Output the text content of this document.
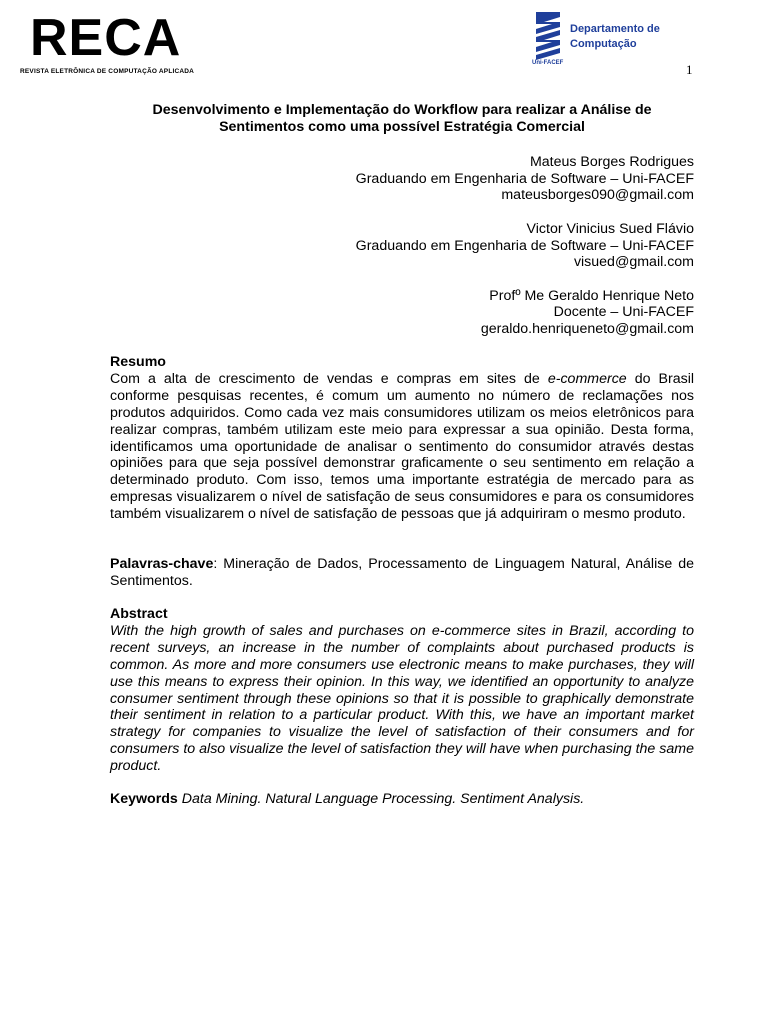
RECA
REVISTA ELETRÔNICA DE COMPUTAÇÃO APLICADA
Departamento de
Computação
Uni-FACEF	1
Desenvolvimento e Implementação do Workflow para realizar a Análise de
Sentimentos como uma possível Estratégia Comercial
Mateus Borges Rodrigues
Graduando em Engenharia de Software – Uni-FACEF
mateusborges090@gmail.com
Victor Vinicius Sued Flávio
Graduando em Engenharia de Software – Uni-FACEF
visued@gmail.com
Profº Me Geraldo Henrique Neto
Docente – Uni-FACEF
geraldo.henriqueneto@gmail.com
Resumo
Com a alta de crescimento de vendas e compras em sites de e-commerce do Brasil conforme pesquisas recentes, é comum um aumento no número de reclamações nos produtos adquiridos. Como cada vez mais consumidores utilizam os meios eletrônicos para realizar compras, também utilizam este meio para expressar a sua opinião. Desta forma, identificamos uma oportunidade de analisar o sentimento do consumidor através destas opiniões para que seja possível demonstrar graficamente o seu sentimento em relação a determinado produto. Com isso, temos uma importante estratégia de mercado para as empresas visualizarem o nível de satisfação de seus consumidores e para os consumidores também visualizarem o nível de satisfação de pessoas que já adquiriram o mesmo produto.
Palavras-chave: Mineração de Dados, Processamento de Linguagem Natural, Análise de Sentimentos.
Abstract
With the high growth of sales and purchases on e-commerce sites in Brazil, according to recent surveys, an increase in the number of complaints about purchased products is common. As more and more consumers use electronic means to make purchases, they will use this means to express their opinion. In this way, we identified an opportunity to analyze consumer sentiment through these opinions so that it is possible to graphically demonstrate their sentiment in relation to a particular product. With this, we have an important market strategy for companies to visualize the level of satisfaction of their consumers and for consumers to also visualize the level of satisfaction they will have when purchasing the same product.
Keywords Data Mining. Natural Language Processing. Sentiment Analysis.
